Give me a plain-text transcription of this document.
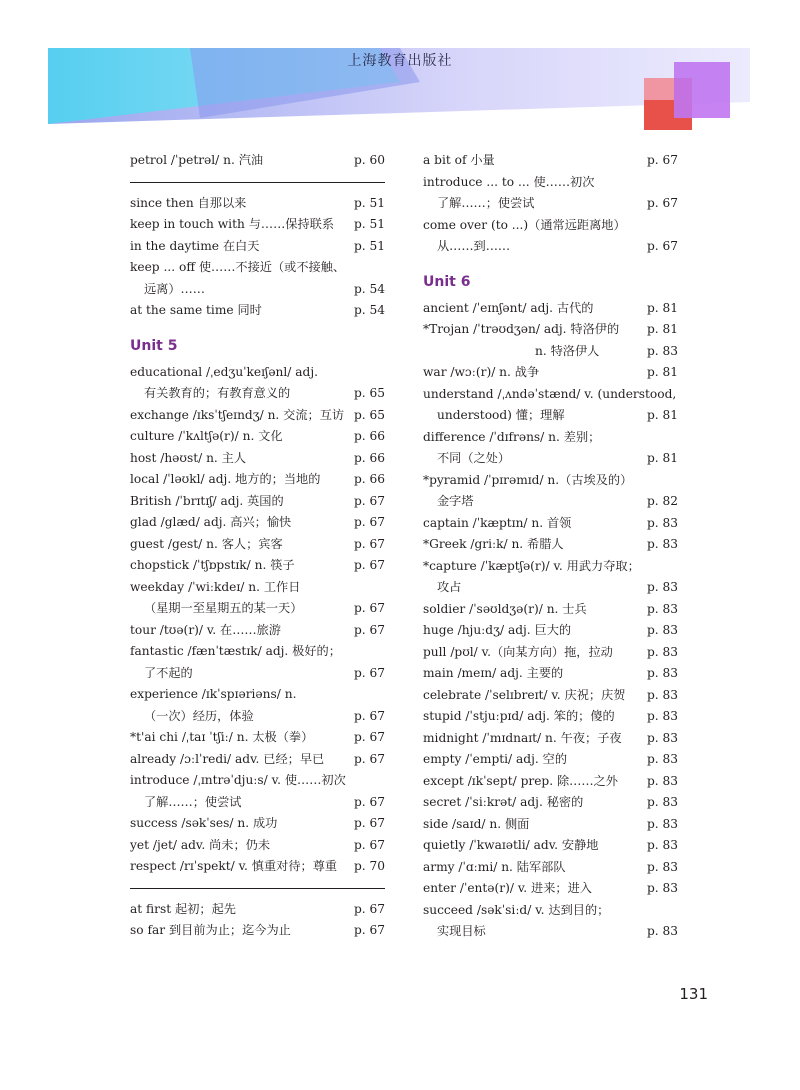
上海教育出版社
petrol /ˈpetrəl/ n. 汽油	p. 60
since then 自那以来	p. 51
keep in touch with 与……保持联系 p. 51
in the daytime 在白天	p. 51
keep ... off 使……不接近（或不接触、
远离）……	p. 54
at the same time 同时	p. 54
Unit 5
educational /ˌedʒuˈkeɪʃənl/ adj.
有关教育的；有教育意义的	p. 65
exchange /ɪksˈtʃeɪndʒ/ n. 交流；互访 p. 65
culture /ˈkʌltʃə(r)/ n. 文化	p. 66
host /həʊst/ n. 主人	p. 66
local /ˈləʊkl/ adj. 地方的；当地的	p. 66
British /ˈbrɪtɪʃ/ adj. 英国的	p. 67
glad /glæd/ adj. 高兴；愉快	p. 67
guest /gest/ n. 客人；宾客	p. 67
chopstick /ˈtʃɒpstɪk/ n. 筷子	p. 67
weekday /ˈwiːkdeɪ/ n. 工作日
（星期一至星期五的某一天）	p. 67
tour /tʊə(r)/ v. 在……旅游	p. 67
fantastic /fænˈtæstɪk/ adj. 极好的；
了不起的	p. 67
experience /ɪkˈspɪəriəns/ n.
（一次）经历，体验	p. 67
*t'ai chi /ˌtaɪ ˈtʃiː/ n. 太极（拳）	p. 67
already /ɔːlˈredi/ adv. 已经；早已 p. 67
introduce /ˌɪntrəˈdjuːs/ v. 使……初次
了解……；使尝试	p. 67
success /səkˈses/ n. 成功	p. 67
yet /jet/ adv. 尚未；仍未	p. 67
respect /rɪˈspekt/ v. 慎重对待；尊重 p. 70
at first 起初；起先	p. 67
so far 到目前为止；迄今为止	p. 67
a bit of 小量	p. 67
introduce ... to ... 使……初次
了解……；使尝试	p. 67
come over (to ...)（通常远距离地）
从……到……	p. 67
Unit 6
ancient /ˈeɪnʃənt/ adj. 古代的	p. 81
*Trojan /ˈtrəʊdʒən/ adj. 特洛伊的 p. 81
n. 特洛伊人	p. 83
war /wɔː(r)/ n. 战争	p. 81
understand /ˌʌndəˈstænd/ v. (understood,
understood) 懂；理解	p. 81
difference /ˈdɪfrəns/ n. 差别；
不同（之处）	p. 81
*pyramid /ˈpɪrəmɪd/ n.（古埃及的）
金字塔	p. 82
captain /ˈkæptɪn/ n. 首领	p. 83
*Greek /griːk/ n. 希腊人	p. 83
*capture /ˈkæptʃə(r)/ v. 用武力夺取；
攻占	p. 83
soldier /ˈsəʊldʒə(r)/ n. 士兵	p. 83
huge /hjuːdʒ/ adj. 巨大的	p. 83
pull /pʊl/ v.（向某方向）拖，拉动	p. 83
main /meɪn/ adj. 主要的	p. 83
celebrate /ˈselɪbreɪt/ v. 庆祝；庆贺 p. 83
stupid /ˈstjuːpɪd/ adj. 笨的；傻的	p. 83
midnight /ˈmɪdnaɪt/ n. 午夜；子夜 p. 83
empty /ˈempti/ adj. 空的	p. 83
except /ɪkˈsept/ prep. 除……之外 p. 83
secret /ˈsiːkrət/ adj. 秘密的	p. 83
side /saɪd/ n. 侧面	p. 83
quietly /ˈkwaɪətli/ adv. 安静地	p. 83
army /ˈɑːmi/ n. 陆军部队	p. 83
enter /ˈentə(r)/ v. 进来；进入	p. 83
succeed /səkˈsiːd/ v. 达到目的；
实现目标	p. 83
131
